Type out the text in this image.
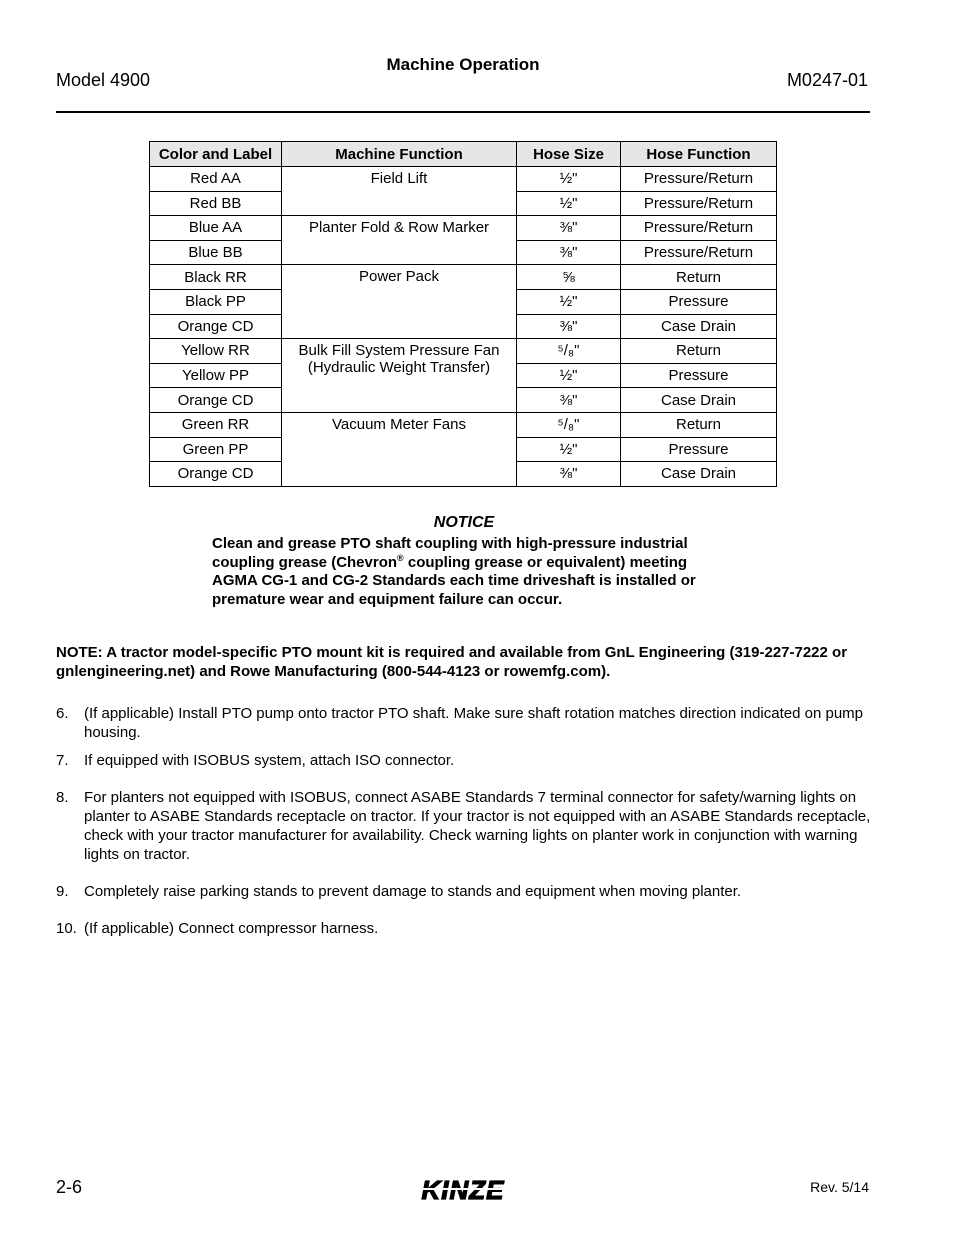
Model 4900
Machine Operation
M0247-01
Color and Label	Machine Function	Hose Size	Hose Function
Red AA	Field Lift	½"	Pressure/Return
Red BB		½"	Pressure/Return
Blue AA	Planter Fold & Row Marker	⅜"	Pressure/Return
Blue BB		⅜"	Pressure/Return
Black RR	Power Pack	⅝	Return
Black PP		½"	Pressure
Orange CD		⅜"	Case Drain
Yellow RR	Bulk Fill System Pressure Fan (Hydraulic Weight Transfer)	⁵/₈"	Return
Yellow PP		½"	Pressure
Orange CD		⅜"	Case Drain
Green RR	Vacuum Meter Fans	⁵/₈"	Return
Green PP		½"	Pressure
Orange CD		⅜"	Case Drain
NOTICE
Clean and grease PTO shaft coupling with high-pressure industrial coupling grease (Chevron® coupling grease or equivalent) meeting AGMA CG-1 and CG-2 Standards each time driveshaft is installed or premature wear and equipment failure can occur.
NOTE: A tractor model-specific PTO mount kit is required and available from GnL Engineering (319-227-7222 or gnlengineering.net) and Rowe Manufacturing (800-544-4123 or rowemfg.com).
6. (If applicable) Install PTO pump onto tractor PTO shaft. Make sure shaft rotation matches direction indicated on pump housing.
7. If equipped with ISOBUS system, attach ISO connector.
8. For planters not equipped with ISOBUS, connect ASABE Standards 7 terminal connector for safety/warning lights on planter to ASABE Standards receptacle on tractor. If your tractor is not equipped with an ASABE Standards receptacle, check with your tractor manufacturer for availability. Check warning lights on planter work in conjunction with warning lights on tractor.
9. Completely raise parking stands to prevent damage to stands and equipment when moving planter.
10. (If applicable) Connect compressor harness.
2-6	KINZE	Rev. 5/14
